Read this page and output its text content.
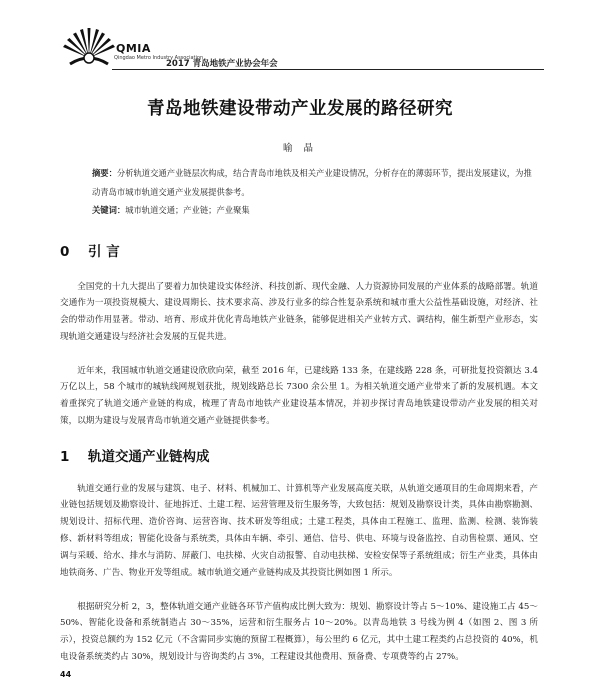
QMIA
Qingdao Metro Industry Association
2017 青岛地铁产业协会年会
青岛地铁建设带动产业发展的路径研究
喻 晶
摘要：分析轨道交通产业链层次构成，结合青岛市地铁及相关产业建设情况，分析存在的薄弱环节，提出发展建议，为推动青岛市城市轨道交通产业发展提供参考。
关键词：城市轨道交通；产业链；产业聚集
0 引 言

全国党的十九大提出了要着力加快建设实体经济、科技创新、现代金融、人力资源协同发展的产业体系的战略部署。轨道交通作为一项投资规模大、建设周期长、技术要求高、涉及行业多的综合性复杂系统和城市重大公益性基础设施，对经济、社会的带动作用显著。带动、培育、形成并优化青岛地铁产业链条，能够促进相关产业转方式、调结构，催生新型产业形态，实现轨道交通建设与经济社会发展的互促共进。

近年来，我国城市轨道交通建设欣欣向荣，截至 2016 年，已建线路 133 条，在建线路 228 条，可研批复投资额达 3.4 万亿以上，58 个城市的城轨线网规划获批，规划线路总长 7300 余公里 1。为相关轨道交通产业带来了新的发展机遇。本文着重探究了轨道交通产业链的构成，梳理了青岛市地铁产业建设基本情况，并初步探讨青岛地铁建设带动产业发展的相关对策，以期为建设与发展青岛市轨道交通产业链提供参考。

1 轨道交通产业链构成

轨道交通行业的发展与建筑、电子、材料、机械加工、计算机等产业发展高度关联，从轨道交通项目的生命周期来看，产业链包括规划及勘察设计、征地拆迁、土建工程、运营管理及衍生服务等，大致包括：规划及勘察设计类，具体由勘察勘测、规划设计、招标代理、造价咨询、运营咨询、技术研发等组成；土建工程类，具体由工程施工、监理、监测、检测、装饰装修、新材料等组成；智能化设备与系统类，具体由车辆、牵引、通信、信号、供电、环境与设备监控、自动售检票、通风、空调与采暖、给水、排水与消防、屏蔽门、电扶梯、火灾自动报警、自动电扶梯、安检安保等子系统组成；衍生产业类，具体由地铁商务、广告、物业开发等组成。城市轨道交通产业链构成及其投资比例如图 1 所示。

根据研究分析 2，3，整体轨道交通产业链各环节产值构成比例大致为：规划、勘察设计等占 5～10%、建设施工占 45～50%、智能化设备和系统制造占 30～35%，运营和衍生服务占 10～20%。以青岛地铁 3 号线为例 4（如图 2、图 3 所示），投资总额约为 152 亿元（不含需同步实施的预留工程概算），每公里约 6 亿元，其中土建工程类约占总投资的 40%，机电设备系统类约占 30%，规划设计与咨询类约占 3%，工程建设其他费用、预备费、专项费等约占 27%。

44
